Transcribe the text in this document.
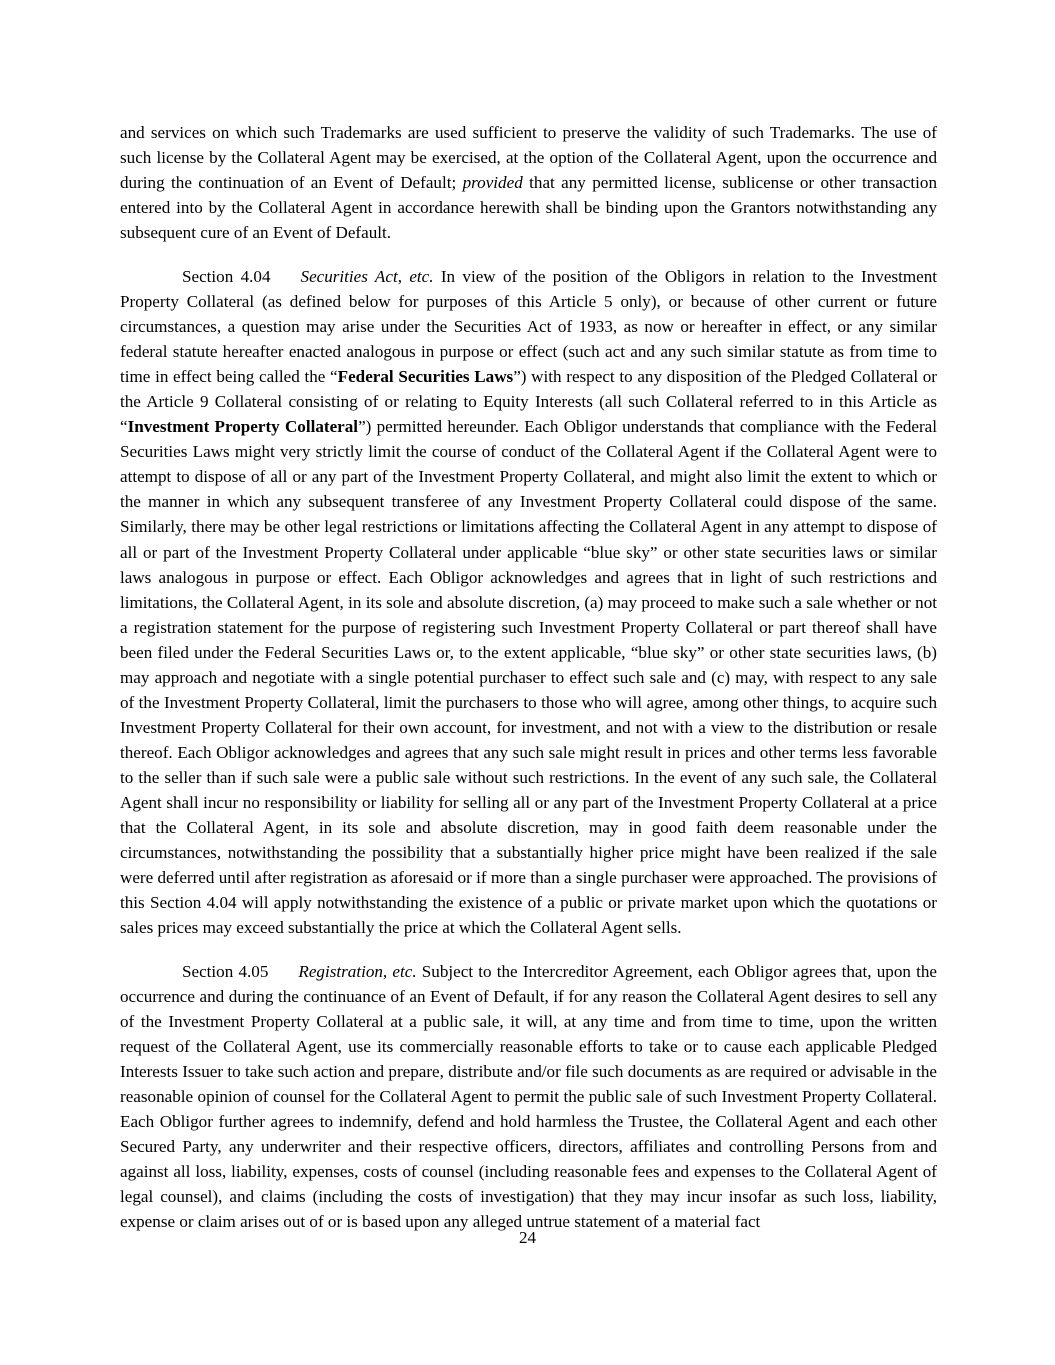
and services on which such Trademarks are used sufficient to preserve the validity of such Trademarks. The use of such license by the Collateral Agent may be exercised, at the option of the Collateral Agent, upon the occurrence and during the continuation of an Event of Default; provided that any permitted license, sublicense or other transaction entered into by the Collateral Agent in accordance herewith shall be binding upon the Grantors notwithstanding any subsequent cure of an Event of Default.
Section 4.04 Securities Act, etc. In view of the position of the Obligors in relation to the Investment Property Collateral (as defined below for purposes of this Article 5 only), or because of other current or future circumstances, a question may arise under the Securities Act of 1933, as now or hereafter in effect, or any similar federal statute hereafter enacted analogous in purpose or effect (such act and any such similar statute as from time to time in effect being called the “Federal Securities Laws”) with respect to any disposition of the Pledged Collateral or the Article 9 Collateral consisting of or relating to Equity Interests (all such Collateral referred to in this Article as “Investment Property Collateral”) permitted hereunder. Each Obligor understands that compliance with the Federal Securities Laws might very strictly limit the course of conduct of the Collateral Agent if the Collateral Agent were to attempt to dispose of all or any part of the Investment Property Collateral, and might also limit the extent to which or the manner in which any subsequent transferee of any Investment Property Collateral could dispose of the same. Similarly, there may be other legal restrictions or limitations affecting the Collateral Agent in any attempt to dispose of all or part of the Investment Property Collateral under applicable “blue sky” or other state securities laws or similar laws analogous in purpose or effect. Each Obligor acknowledges and agrees that in light of such restrictions and limitations, the Collateral Agent, in its sole and absolute discretion, (a) may proceed to make such a sale whether or not a registration statement for the purpose of registering such Investment Property Collateral or part thereof shall have been filed under the Federal Securities Laws or, to the extent applicable, “blue sky” or other state securities laws, (b) may approach and negotiate with a single potential purchaser to effect such sale and (c) may, with respect to any sale of the Investment Property Collateral, limit the purchasers to those who will agree, among other things, to acquire such Investment Property Collateral for their own account, for investment, and not with a view to the distribution or resale thereof. Each Obligor acknowledges and agrees that any such sale might result in prices and other terms less favorable to the seller than if such sale were a public sale without such restrictions. In the event of any such sale, the Collateral Agent shall incur no responsibility or liability for selling all or any part of the Investment Property Collateral at a price that the Collateral Agent, in its sole and absolute discretion, may in good faith deem reasonable under the circumstances, notwithstanding the possibility that a substantially higher price might have been realized if the sale were deferred until after registration as aforesaid or if more than a single purchaser were approached. The provisions of this Section 4.04 will apply notwithstanding the existence of a public or private market upon which the quotations or sales prices may exceed substantially the price at which the Collateral Agent sells.
Section 4.05 Registration, etc. Subject to the Intercreditor Agreement, each Obligor agrees that, upon the occurrence and during the continuance of an Event of Default, if for any reason the Collateral Agent desires to sell any of the Investment Property Collateral at a public sale, it will, at any time and from time to time, upon the written request of the Collateral Agent, use its commercially reasonable efforts to take or to cause each applicable Pledged Interests Issuer to take such action and prepare, distribute and/or file such documents as are required or advisable in the reasonable opinion of counsel for the Collateral Agent to permit the public sale of such Investment Property Collateral. Each Obligor further agrees to indemnify, defend and hold harmless the Trustee, the Collateral Agent and each other Secured Party, any underwriter and their respective officers, directors, affiliates and controlling Persons from and against all loss, liability, expenses, costs of counsel (including reasonable fees and expenses to the Collateral Agent of legal counsel), and claims (including the costs of investigation) that they may incur insofar as such loss, liability, expense or claim arises out of or is based upon any alleged untrue statement of a material fact
24
